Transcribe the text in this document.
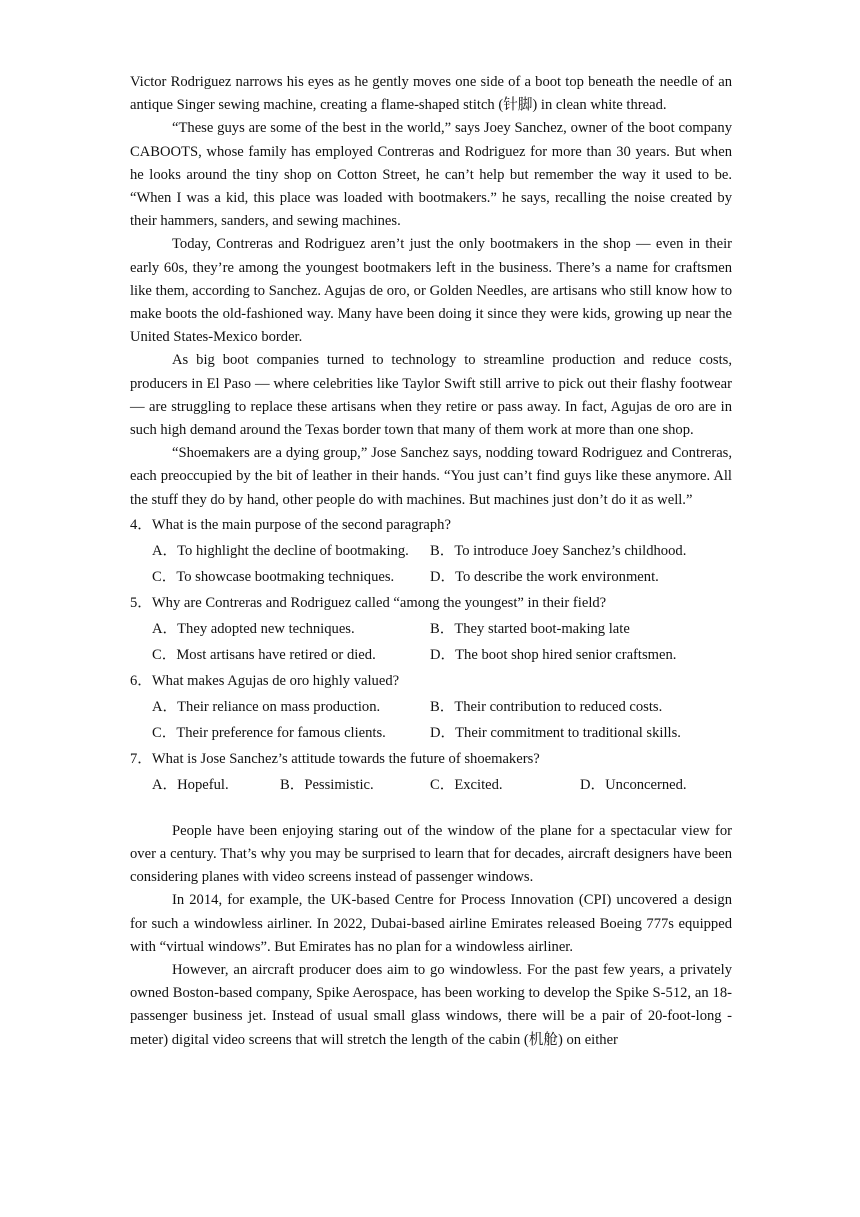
Victor Rodriguez narrows his eyes as he gently moves one side of a boot top beneath the needle of an antique Singer sewing machine, creating a flame-shaped stitch (针脚) in clean white thread.

“These guys are some of the best in the world,” says Joey Sanchez, owner of the boot company CABOOTS, whose family has employed Contreras and Rodriguez for more than 30 years. But when he looks around the tiny shop on Cotton Street, he can’t help but remember the way it used to be. “When I was a kid, this place was loaded with bootmakers.” he says, recalling the noise created by their hammers, sanders, and sewing machines.

Today, Contreras and Rodriguez aren’t just the only bootmakers in the shop — even in their early 60s, they’re among the youngest bootmakers left in the business. There’s a name for craftsmen like them, according to Sanchez. Agujas de oro, or Golden Needles, are artisans who still know how to make boots the old-fashioned way. Many have been doing it since they were kids, growing up near the United States-Mexico border.

As big boot companies turned to technology to streamline production and reduce costs, producers in El Paso — where celebrities like Taylor Swift still arrive to pick out their flashy footwear — are struggling to replace these artisans when they retire or pass away. In fact, Agujas de oro are in such high demand around the Texas border town that many of them work at more than one shop.

“Shoemakers are a dying group,” Jose Sanchez says, nodding toward Rodriguez and Contreras, each preoccupied by the bit of leather in their hands. “You just can’t find guys like these anymore. All the stuff they do by hand, other people do with machines. But machines just don’t do it as well.”

4．What is the main purpose of the second paragraph?

A．To highlight the decline of bootmaking.	B．To introduce Joey Sanchez’s childhood.
C．To showcase bootmaking techniques.	D．To describe the work environment.

5．Why are Contreras and Rodriguez called “among the youngest” in their field?

A．They adopted new techniques.	B．They started boot-making late
C．Most artisans have retired or died.	D．The boot shop hired senior craftsmen.

6．What makes Agujas de oro highly valued?

A．Their reliance on mass production.	B．Their contribution to reduced costs.
C．Their preference for famous clients.	D．Their commitment to traditional skills.

7．What is Jose Sanchez’s attitude towards the future of shoemakers?

A．Hopeful.	B．Pessimistic.	C．Excited.	D．Unconcerned.

People have been enjoying staring out of the window of the plane for a spectacular view for over a century. That’s why you may be surprised to learn that for decades, aircraft designers have been considering planes with video screens instead of passenger windows.

In 2014, for example, the UK-based Centre for Process Innovation (CPI) uncovered a design for such a windowless airliner. In 2022, Dubai-based airline Emirates released Boeing 777s equipped with “virtual windows”. But Emirates has no plan for a windowless airliner.

However, an aircraft producer does aim to go windowless. For the past few years, a privately owned Boston-based company, Spike Aerospace, has been working to develop the Spike S-512, an 18-passenger business jet. Instead of usual small glass windows, there will be a pair of 20-foot-long -meter) digital video screens that will stretch the length of the cabin (机舱) on either
